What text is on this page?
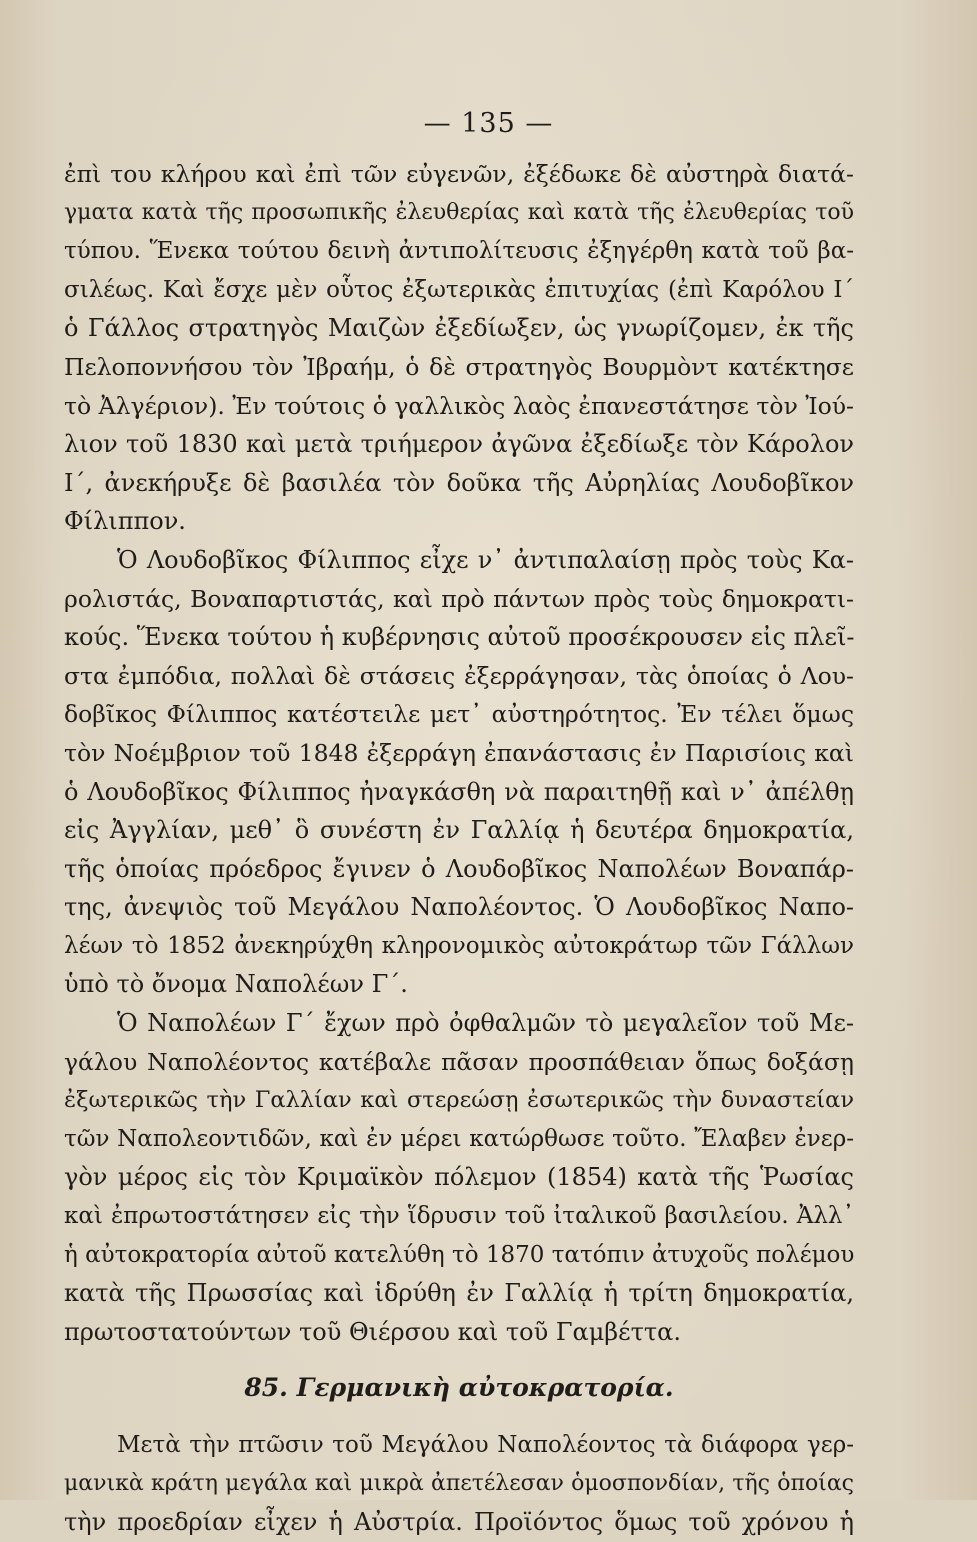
— 135 —
ἐπὶ του κλήρου καὶ ἐπὶ τῶν εὐγενῶν, ἐξέδωκε δὲ αὐστηρὰ διατά-
γματα κατὰ τῆς προσωπικῆς ἐλευθερίας καὶ κατὰ τῆς ἐλευθερίας τοῦ
τύπου. Ἕνεκα τούτου δεινὴ ἀντιπολίτευσις ἐξηγέρθη κατὰ τοῦ βα-
σιλέως. Καὶ ἔσχε μὲν οὗτος ἐξωτερικὰς ἐπιτυχίας (ἐπὶ Καρόλου Ι΄
ὁ Γάλλος στρατηγὸς Μαιζὼν ἐξεδίωξεν, ὡς γνωρίζομεν, ἐκ τῆς
Πελοποννήσου τὸν Ἰβραήμ, ὁ δὲ στρατηγὸς Βουρμὸντ κατέκτησε
τὸ Ἀλγέριον). Ἐν τούτοις ὁ γαλλικὸς λαὸς ἐπανεστάτησε τὸν Ἰού-
λιον τοῦ 1830 καὶ μετὰ τριήμερον ἀγῶνα ἐξεδίωξε τὸν Κάρολον
Ι΄, ἀνεκήρυξε δὲ βασιλέα τὸν δοῦκα τῆς Αὐρηλίας Λουδοβῖκον
Φίλιππον.
Ὁ Λουδοβῖκος Φίλιππος εἶχε ν᾽ ἀντιπαλαίσῃ πρὸς τοὺς Κα-
ρολιστάς, Βοναπαρτιστάς, καὶ πρὸ πάντων πρὸς τοὺς δημοκρατι-
κούς. Ἕνεκα τούτου ἡ κυβέρνησις αὐτοῦ προσέκρουσεν εἰς πλεῖ-
στα ἐμπόδια, πολλαὶ δὲ στάσεις ἐξερράγησαν, τὰς ὁποίας ὁ Λου-
δοβῖκος Φίλιππος κατέστειλε μετ᾽ αὐστηρότητος. Ἐν τέλει ὅμως
τὸν Νοέμβριον τοῦ 1848 ἐξερράγη ἐπανάστασις ἐν Παρισίοις καὶ
ὁ Λουδοβῖκος Φίλιππος ἠναγκάσθη νὰ παραιτηθῇ καὶ ν᾽ ἀπέλθῃ
εἰς Ἀγγλίαν, μεθ᾽ ὃ συνέστη ἐν Γαλλίᾳ ἡ δευτέρα δημοκρατία,
τῆς ὁποίας πρόεδρος ἔγινεν ὁ Λουδοβῖκος Ναπολέων Βοναπάρ-
της, ἀνεψιὸς τοῦ Μεγάλου Ναπολέοντος. Ὁ Λουδοβῖκος Ναπο-
λέων τὸ 1852 ἀνεκηρύχθη κληρονομικὸς αὐτοκράτωρ τῶν Γάλλων
ὑπὸ τὸ ὄνομα Ναπολέων Γ΄.
Ὁ Ναπολέων Γ΄ ἔχων πρὸ ὀφθαλμῶν τὸ μεγαλεῖον τοῦ Με-
γάλου Ναπολέοντος κατέβαλε πᾶσαν προσπάθειαν ὅπως δοξάσῃ
ἐξωτερικῶς τὴν Γαλλίαν καὶ στερεώσῃ ἐσωτερικῶς τὴν δυναστείαν
τῶν Ναπολεοντιδῶν, καὶ ἐν μέρει κατώρθωσε τοῦτο. Ἔλαβεν ἐνερ-
γὸν μέρος εἰς τὸν Κριμαϊκὸν πόλεμον (1854) κατὰ τῆς Ῥωσίας
καὶ ἐπρωτοστάτησεν εἰς τὴν ἵδρυσιν τοῦ ἰταλικοῦ βασιλείου. Ἀλλ᾽
ἡ αὐτοκρατορία αὐτοῦ κατελύθη τὸ 1870 τατόπιν ἀτυχοῦς πολέμου
κατὰ τῆς Πρωσσίας καὶ ἱδρύθη ἐν Γαλλίᾳ ἡ τρίτη δημοκρατία,
πρωτοστατούντων τοῦ Θιέρσου καὶ τοῦ Γαμβέττα.
85. Γερμανικὴ αὐτοκρατορία.
Μετὰ τὴν πτῶσιν τοῦ Μεγάλου Ναπολέοντος τὰ διάφορα γερ-
μανικὰ κράτη μεγάλα καὶ μικρὰ ἀπετέλεσαν ὁμοσπονδίαν, τῆς ὁποίας
τὴν προεδρίαν εἶχεν ἡ Αὐστρία. Προϊόντος ὅμως τοῦ χρόνου ἡ
